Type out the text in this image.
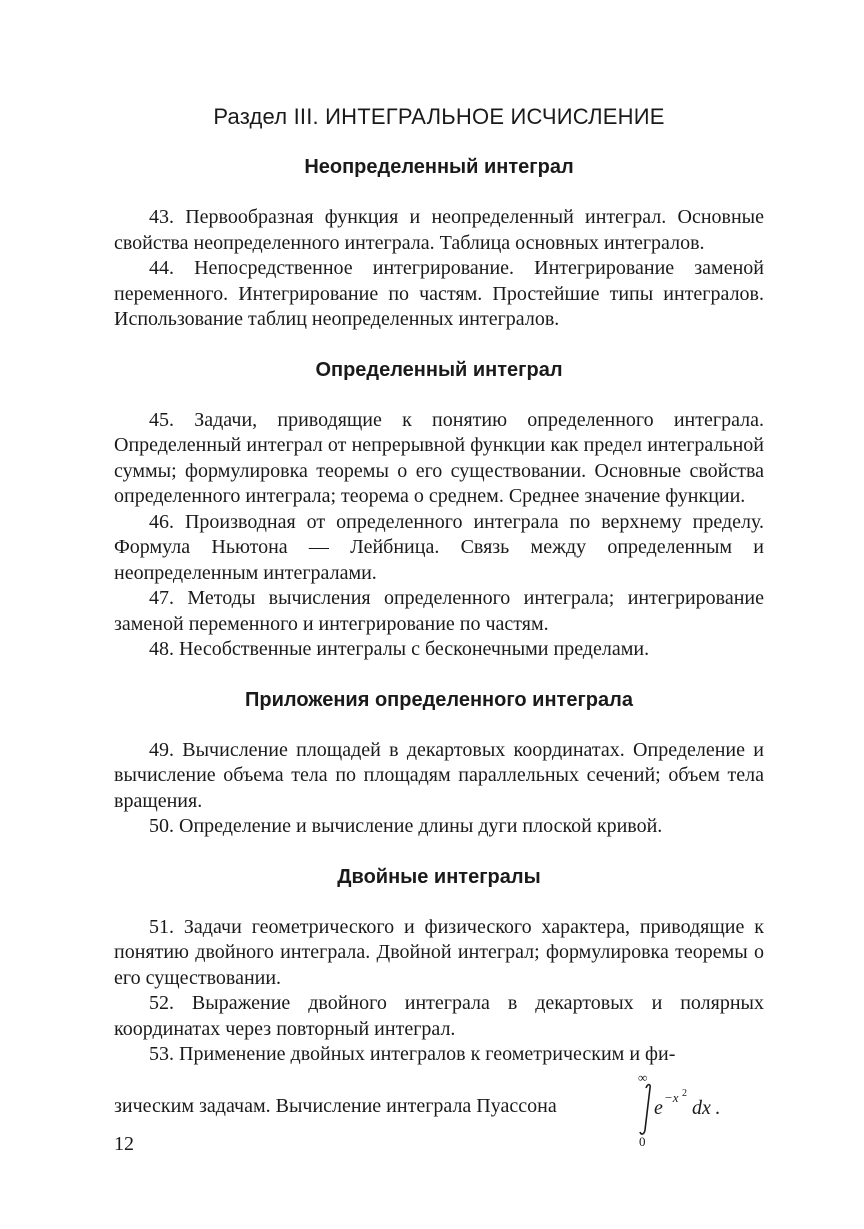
Раздел III. ИНТЕГРАЛЬНОЕ ИСЧИСЛЕНИЕ
Неопределенный интеграл

43. Первообразная функция и неопределенный интеграл. Основные свойства неопределенного интеграла. Таблица основных интегралов.

44. Непосредственное интегрирование. Интегрирование заменой переменного. Интегрирование по частям. Простейшие типы интегралов. Использование таблиц неопределенных интегралов.

Определенный интеграл

45. Задачи, приводящие к понятию определенного интеграла. Определенный интеграл от непрерывной функции как предел интегральной суммы; формулировка теоремы о его существовании. Основные свойства определенного интеграла; теорема о среднем. Среднее значение функции.

46. Производная от определенного интеграла по верхнему пределу. Формула Ньютона — Лейбница. Связь между определенным и неопределенным интегралами.

47. Методы вычисления определенного интеграла; интегрирование заменой переменного и интегрирование по частям.

48. Несобственные интегралы с бесконечными пределами.

Приложения определенного интеграла

49. Вычисление площадей в декартовых координатах. Определение и вычисление объема тела по площадям параллельных сечений; объем тела вращения.

50. Определение и вычисление длины дуги плоской кривой.

Двойные интегралы

51. Задачи геометрического и физического характера, приводящие к понятию двойного интеграла. Двойной интеграл; формулировка теоремы о его существовании.

52. Выражение двойного интеграла в декартовых и полярных координатах через повторный интеграл.

53. Применение двойных интегралов к геометрическим и фи-

зическим задачам. Вычисление интеграла Пуассона
∞
0
e −x 2
dx .
12
